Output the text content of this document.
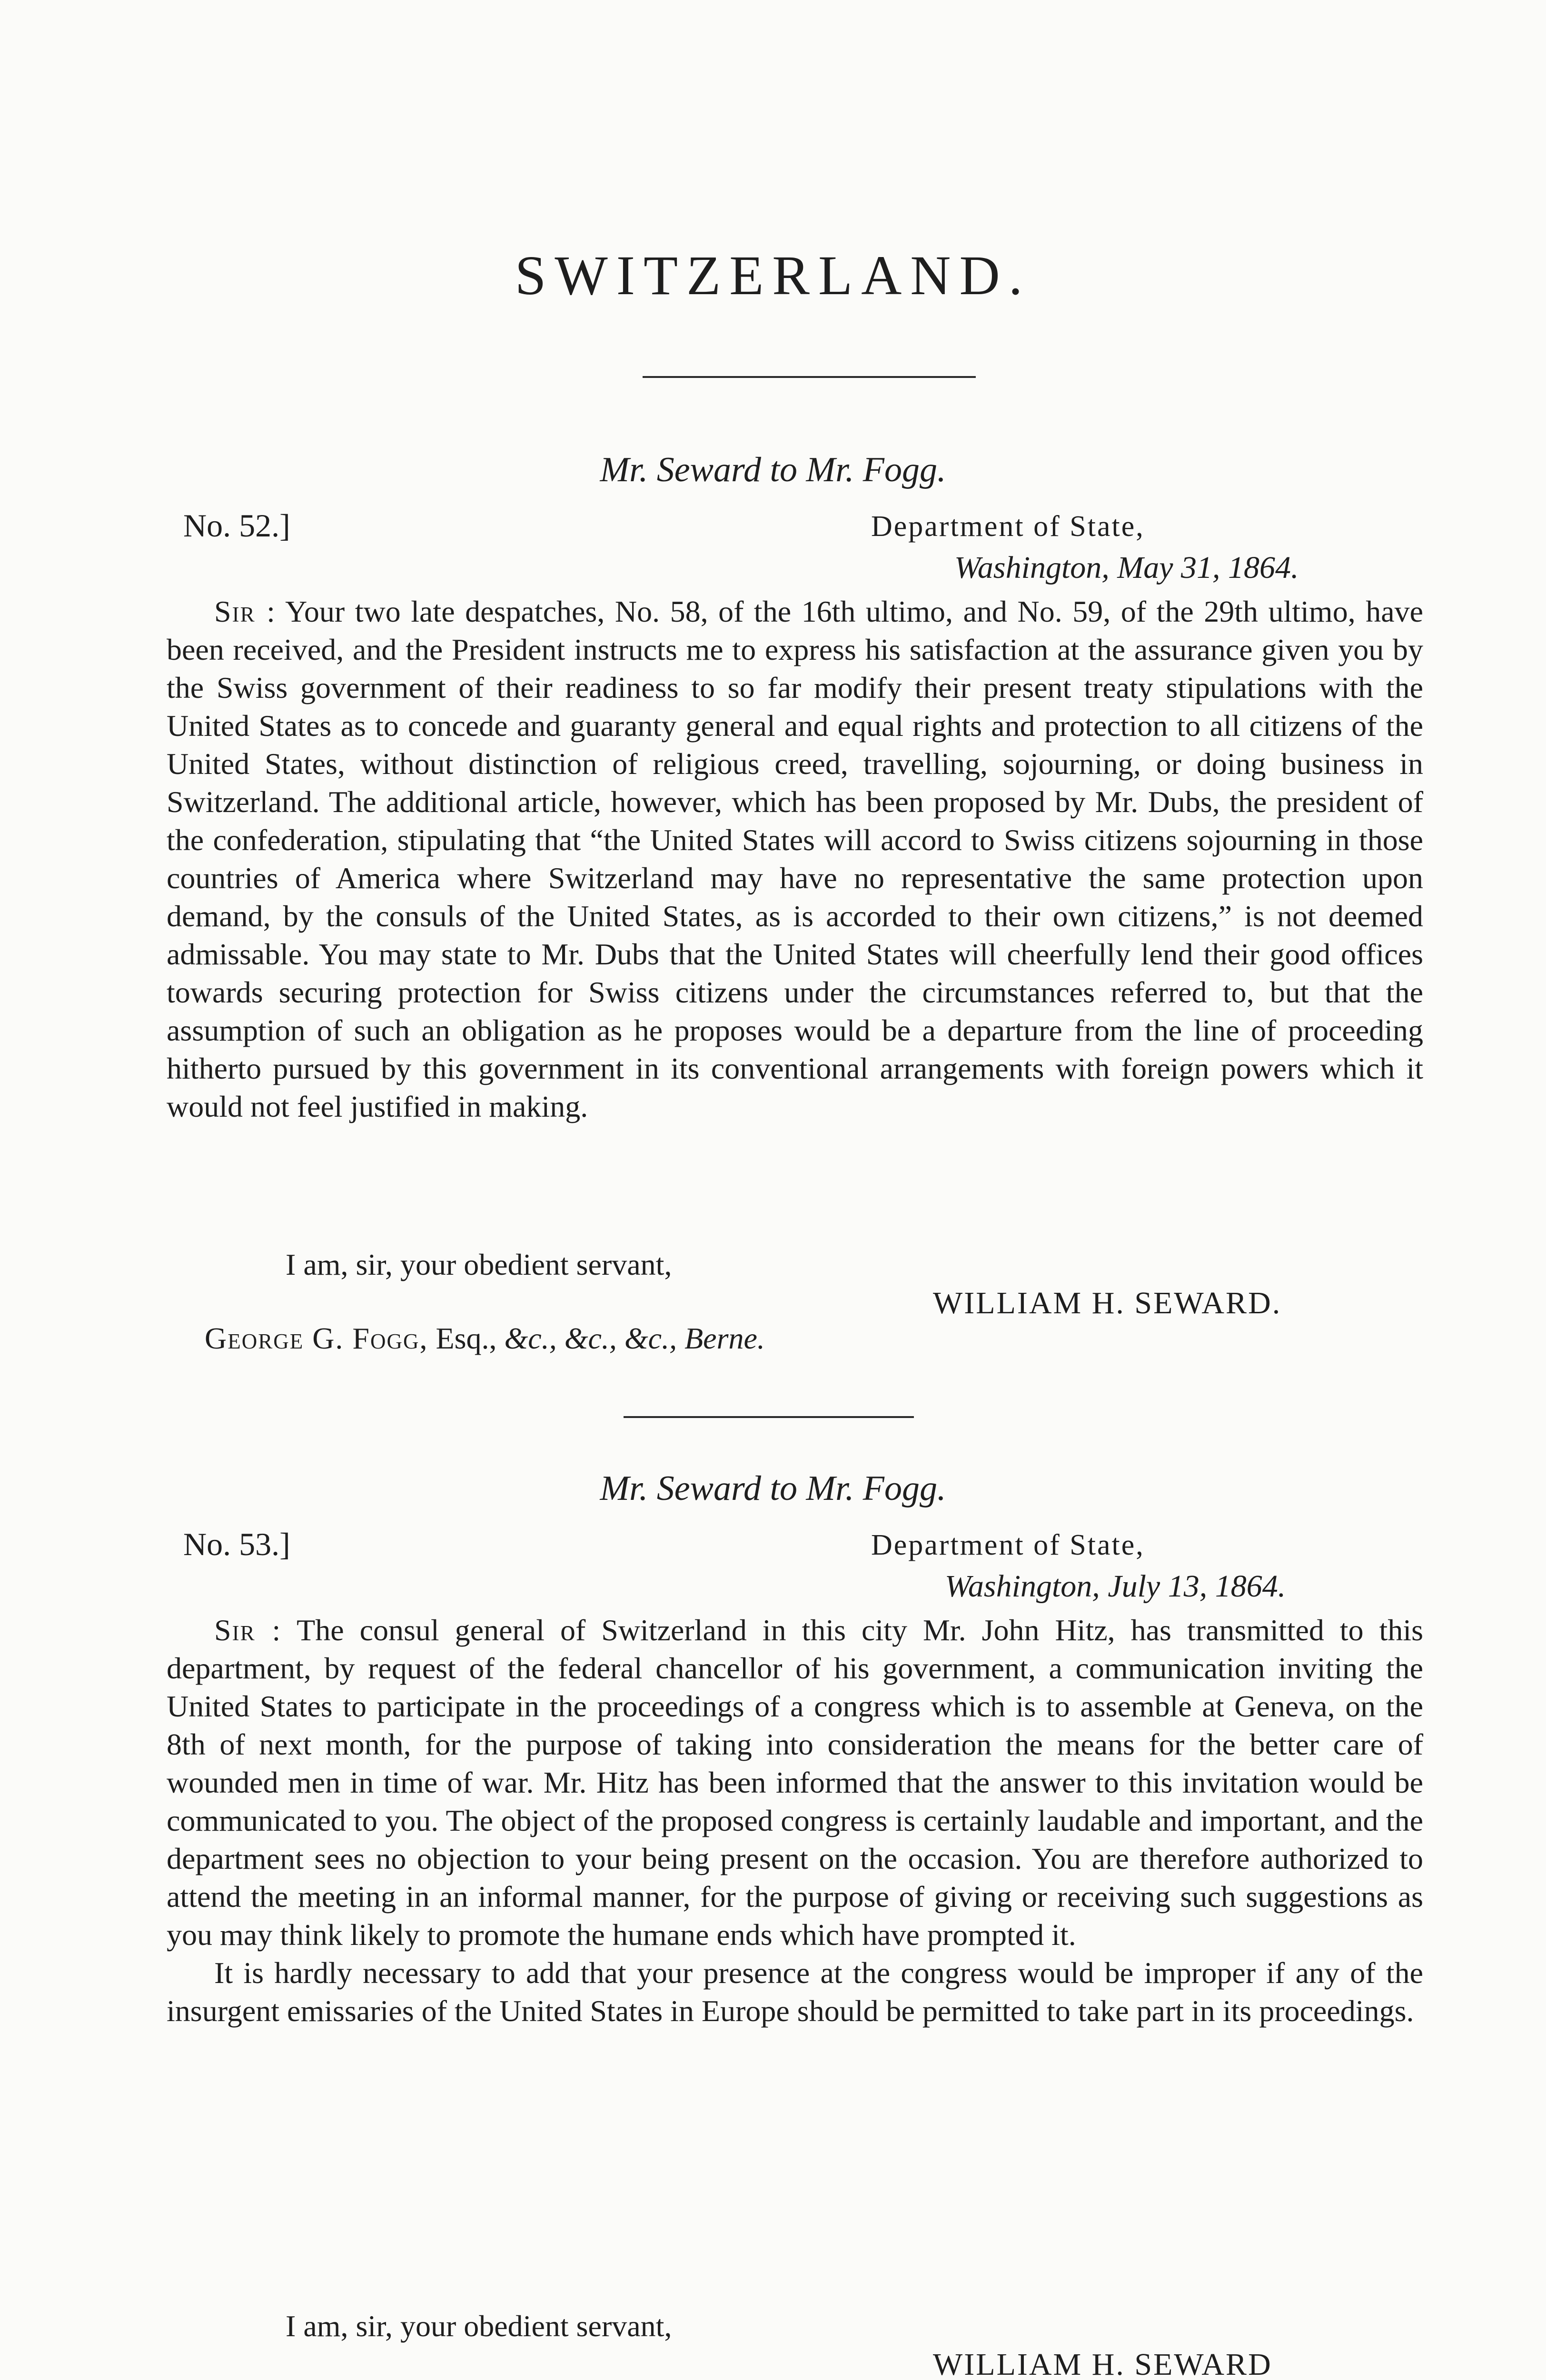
SWITZERLAND.
Mr. Seward to Mr. Fogg.
No. 52.]	Department of State,
Washington, May 31, 1864.

Sir : Your two late despatches, No. 58, of the 16th ultimo, and No. 59, of the 29th ultimo, have been received, and the President instructs me to express his satisfaction at the assurance given you by the Swiss government of their readiness to so far modify their present treaty stipulations with the United States as to concede and guaranty general and equal rights and protection to all citizens of the United States, without distinction of religious creed, travelling, sojourning, or doing business in Switzerland. The additional article, however, which has been proposed by Mr. Dubs, the president of the confederation, stipulating that “the United States will accord to Swiss citizens sojourning in those countries of America where Switzerland may have no representative the same protection upon demand, by the consuls of the United States, as is accorded to their own citizens,” is not deemed admissable. You may state to Mr. Dubs that the United States will cheerfully lend their good offices towards securing protection for Swiss citizens under the circumstances referred to, but that the assumption of such an obligation as he proposes would be a departure from the line of proceeding hitherto pursued by this government in its conventional arrangements with foreign powers which it would not feel justified in making.

I am, sir, your obedient servant,
WILLIAM H. SEWARD.
George G. Fogg, Esq., &c., &c., &c., Berne.
Mr. Seward to Mr. Fogg.
No. 53.]	Department of State,
Washington, July 13, 1864.

Sir : The consul general of Switzerland in this city Mr. John Hitz, has transmitted to this department, by request of the federal chancellor of his government, a communication inviting the United States to participate in the proceedings of a congress which is to assemble at Geneva, on the 8th of next month, for the purpose of taking into consideration the means for the better care of wounded men in time of war. Mr. Hitz has been informed that the answer to this invitation would be communicated to you. The object of the proposed congress is certainly laudable and important, and the department sees no objection to your being present on the occasion. You are therefore authorized to attend the meeting in an informal manner, for the purpose of giving or receiving such suggestions as you may think likely to promote the humane ends which have prompted it.

It is hardly necessary to add that your presence at the congress would be improper if any of the insurgent emissaries of the United States in Europe should be permitted to take part in its proceedings.

I am, sir, your obedient servant,
WILLIAM H. SEWARD
